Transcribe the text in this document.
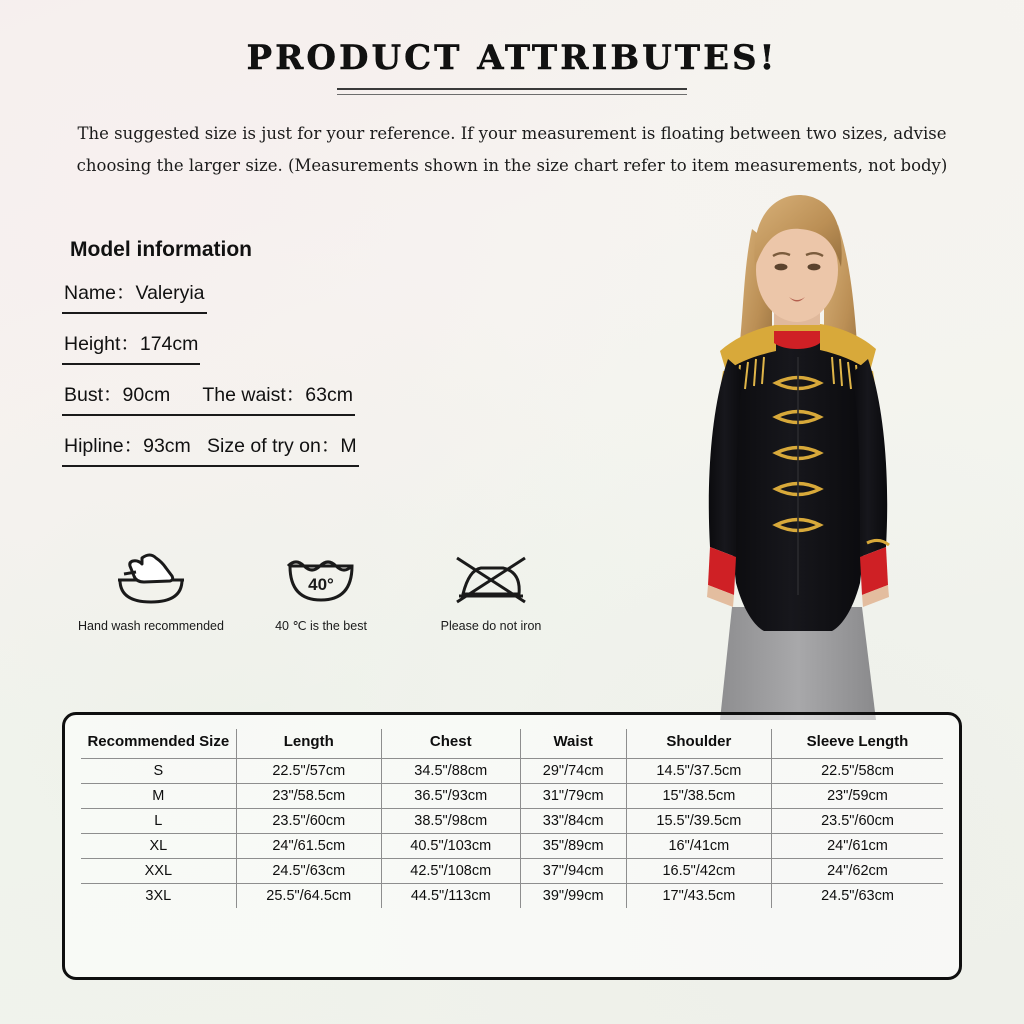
PRODUCT ATTRIBUTES!
The suggested size is just for your reference. If your measurement is floating between two sizes, advise choosing the larger size. (Measurements shown in the size chart refer to item measurements, not body)
Model information
Name：Valeryia
Height：174cm
Bust：90cm      The waist：63cm
Hipline：93cm   Size of try on：M
Hand wash recommended
40°
40 ℃ is the best	Please do not iron
Recommended Size	Length	Chest	Waist	Shoulder	Sleeve Length
S	22.5"/57cm	34.5"/88cm	29"/74cm	14.5"/37.5cm	22.5"/58cm
M	23"/58.5cm	36.5"/93cm	31"/79cm	15"/38.5cm	23"/59cm
L	23.5"/60cm	38.5"/98cm	33"/84cm	15.5"/39.5cm	23.5"/60cm
XL	24"/61.5cm	40.5"/103cm	35"/89cm	16"/41cm	24"/61cm
XXL	24.5"/63cm	42.5"/108cm	37"/94cm	16.5"/42cm	24"/62cm
3XL	25.5"/64.5cm	44.5"/113cm	39"/99cm	17"/43.5cm	24.5"/63cm
